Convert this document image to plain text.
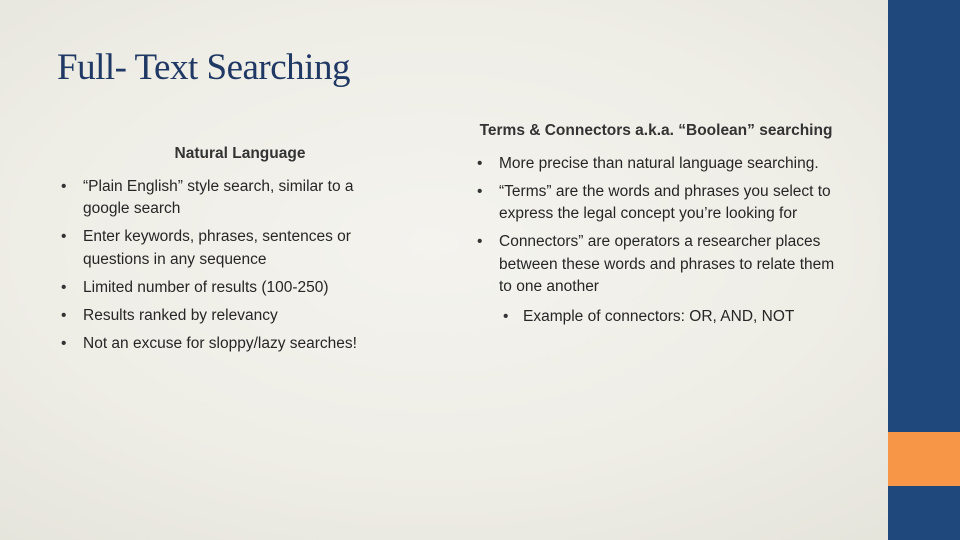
Full- Text Searching
Natural Language
• “Plain English” style search, similar to a google search
• Enter keywords, phrases, sentences or questions in any sequence
• Limited number of results (100-250)
• Results ranked by relevancy
• Not an excuse for sloppy/lazy searches!
Terms & Connectors a.k.a. “Boolean” searching
• More precise than natural language searching.
• “Terms” are the words and phrases you select to express the legal concept you’re looking for
• Connectors” are operators a researcher places between these words and phrases to relate them to one another
• Example of connectors: OR, AND, NOT
